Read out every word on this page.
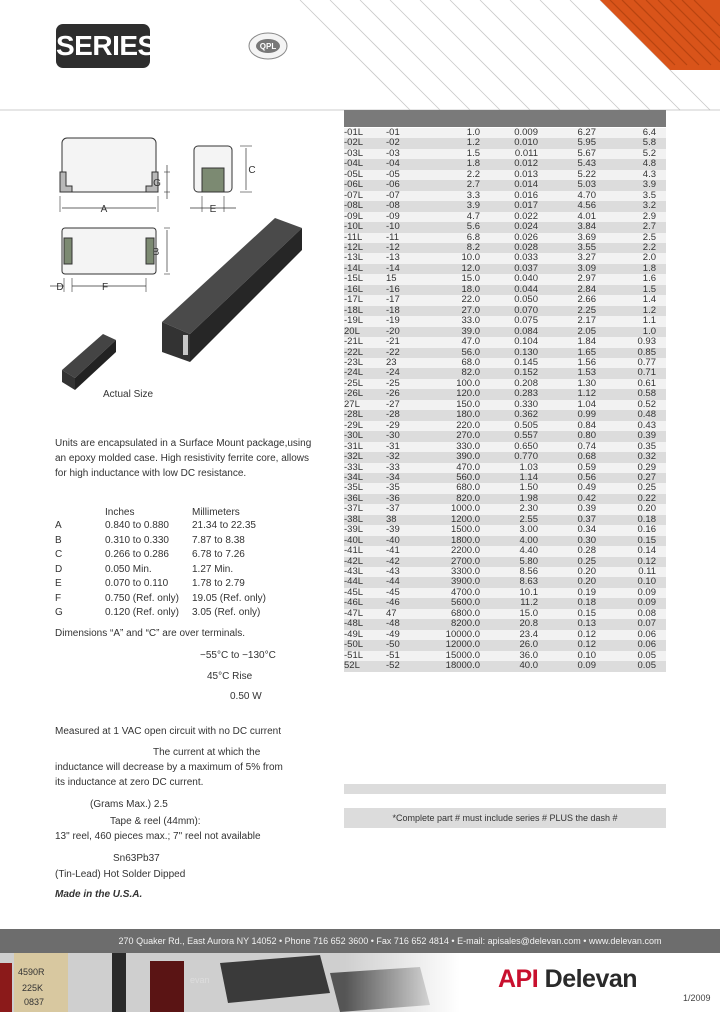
SERIES	QPL
A
G
C
E
B
D	F
Actual Size
-01L	-01	1.0	0.009	6.27	6.4
-02L	-02	1.2	0.010	5.95	5.8
-03L	-03	1.5	0.011	5.67	5.2
-04L	-04	1.8	0.012	5.43	4.8
-05L	-05	2.2	0.013	5.22	4.3
-06L	-06	2.7	0.014	5.03	3.9
-07L	-07	3.3	0.016	4.70	3.5
-08L	-08	3.9	0.017	4.56	3.2
-09L	-09	4.7	0.022	4.01	2.9
-10L	-10	5.6	0.024	3.84	2.7
-11L	-11	6.8	0.026	3.69	2.5
-12L	-12	8.2	0.028	3.55	2.2
-13L	-13	10.0	0.033	3.27	2.0
-14L	-14	12.0	0.037	3.09	1.8
-15L	15	15.0	0.040	2.97	1.6
-16L	-16	18.0	0.044	2.84	1.5
-17L	-17	22.0	0.050	2.66	1.4
-18L	-18	27.0	0.070	2.25	1.2
-19L	-19	33.0	0.075	2.17	1.1
20L	-20	39.0	0.084	2.05	1.0
-21L	-21	47.0	0.104	1.84	0.93
-22L	-22	56.0	0.130	1.65	0.85
-23L	23	68.0	0.145	1.56	0.77
-24L	-24	82.0	0.152	1.53	0.71
-25L	-25	100.0	0.208	1.30	0.61
-26L	-26	120.0	0.283	1.12	0.58
27L	-27	150.0	0.330	1.04	0.52
-28L	-28	180.0	0.362	0.99	0.48
-29L	-29	220.0	0.505	0.84	0.43
-30L	-30	270.0	0.557	0.80	0.39
-31L	-31	330.0	0.650	0.74	0.35
-32L	-32	390.0	0.770	0.68	0.32
-33L	-33	470.0	1.03	0.59	0.29
-34L	-34	560.0	1.14	0.56	0.27
-35L	-35	680.0	1.50	0.49	0.25
-36L	-36	820.0	1.98	0.42	0.22
-37L	-37	1000.0	2.30	0.39	0.20
-38L	38	1200.0	2.55	0.37	0.18
-39L	-39	1500.0	3.00	0.34	0.16
-40L	-40	1800.0	4.00	0.30	0.15
-41L	-41	2200.0	4.40	0.28	0.14
-42L	-42	2700.0	5.80	0.25	0.12
-43L	-43	3300.0	8.56	0.20	0.11
-44L	-44	3900.0	8.63	0.20	0.10
-45L	-45	4700.0	10.1	0.19	0.09
-46L	-46	5600.0	11.2	0.18	0.09
-47L	47	6800.0	15.0	0.15	0.08
-48L	-48	8200.0	20.8	0.13	0.07
-49L	-49	10000.0	23.4	0.12	0.06
-50L	-50	12000.0	26.0	0.12	0.06
-51L	-51	15000.0	36.0	0.10	0.05
52L	-52	18000.0	40.0	0.09	0.05
*Complete part # must include series # PLUS the dash #
Units are encapsulated in a Surface Mount package,using an epoxy molded case. High resistivity ferrite core, allows for high inductance with low DC resistance.
Inches	Millimeters
A	0.840 to 0.880 21.34 to 22.35
B	0.310 to 0.330 7.87 to 8.38
C	0.266 to 0.286 6.78 to 7.26
D	0.050 Min.	1.27 Min.
E	0.070 to 0.110 1.78 to 2.79
F	0.750 (Ref. only) 19.05 (Ref. only)
G	0.120 (Ref. only) 3.05 (Ref. only)
Dimensions “A” and “C” are over terminals.
−55°C to −130°C
45°C Rise
0.50 W
Measured at 1 VAC open circuit with no DC current
The current at which the
inductance will decrease by a maximum of 5% from its inductance at zero DC current.
(Grams Max.) 2.5
Tape & reel (44mm):
13" reel, 460 pieces max.; 7" reel not available
Sn63Pb37
(Tin-Lead) Hot Solder Dipped
Made in the U.S.A.
270 Quaker Rd., East Aurora NY 14052 • Phone 716 652 3600 • Fax 716 652 4814 • E-mail: apisales@delevan.com • www.delevan.com
4590R
225K
0837
evan	API Delevan
1/2009
